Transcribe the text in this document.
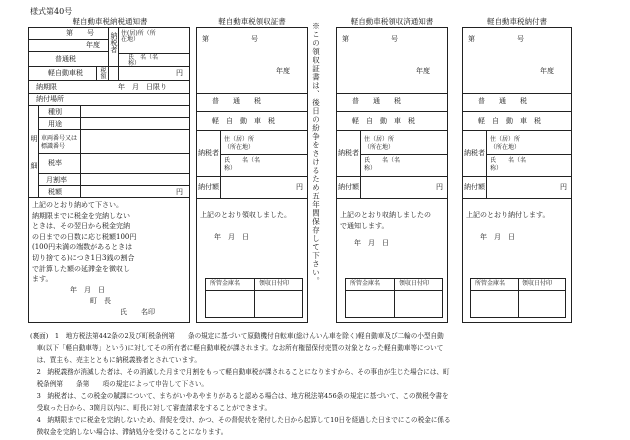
様式第40号
軽自動車税納税通知書
第　　号
年度
普通税
軽自動車税
納税者 住(居)所（所在地）
氏　名（名　称）
税額	円
納期限	年　月　日限り
納付場所
明細
種別
用途
車両番号又は標識番号
税率
月割率
税額	円

上記のとおり納めて下さい。

納期限までに税金を完納しない

ときは、その翌日から税金完納

の日までの日数に応じ税額100円

(100円未満の端数があるときは

切り捨てる)につき1日3銭の割合

で計算した額の延滞金を徴収し

ます。

年　月　日
町　長
氏　　名印
軽自動車税領収証書
第　　　　　　号
年度
普　　通　　税
軽　自　動　車　税
納税者
住（居）所（所在地）
氏　　名（名　称）
納付額	円
上記のとおり領収しました。
年　月　日
所管金庫名	領収日付印	※この領収証書は、後日の紛争をさけるため五年間保存して下さい。
軽自動車税領収済通知書
第　　　　　　号
年度
普　　通　　税
軽　自　動　車　税
納税者
住（居）所（所在地）
氏　　名（名　称）
納付額	円
上記のとおり収納しましたの
で通知します。
年　月　日
所管金庫名	領収日付印
軽自動車税納付書
第　　　　　　号
年度
普　　通　　税
軽　自　動　車　税
納税者
住（居）所（所在地）
氏　　名（名　称）
納付額	円
上記のとおり納付します。
年　月　日
所管金庫名	領収日付印

(裏面)　1　地方税法第442条の2及び町税条例第　　条の規定に基づいて原動機付自転車(総けんいん車を除く)軽自動車及び二輪の小型自動

　車(以下「軽自動車等」という)に対してその所有者に軽自動車税が課されます。なお所有権留保付売買の対象となった軽自動車等について

　は、買主も、売主とともに納税義務者とされています。

　2　納税義務が消滅した者は、その消滅した月まで月割をもって軽自動車税が課されることになりますから、その事由が生じた場合には、町

　税条例第　　条第　　項の規定によって申告して下さい。

　3　納税者は、この税金の賦課について、まちがいやあやまりがあると認める場合は、地方税法第456条の規定に基づいて、この徴税令書を

　受取った日から、3箇月以内に、町長に対して審査請求をすることができます。

　4　納期限までに税金を完納しないため、督促を受け、かつ、その督促状を発付した日から起算して10日を経過した日までにこの税金に係る

　徴収金を完納しない場合は、滞納処分を受けることになります。
